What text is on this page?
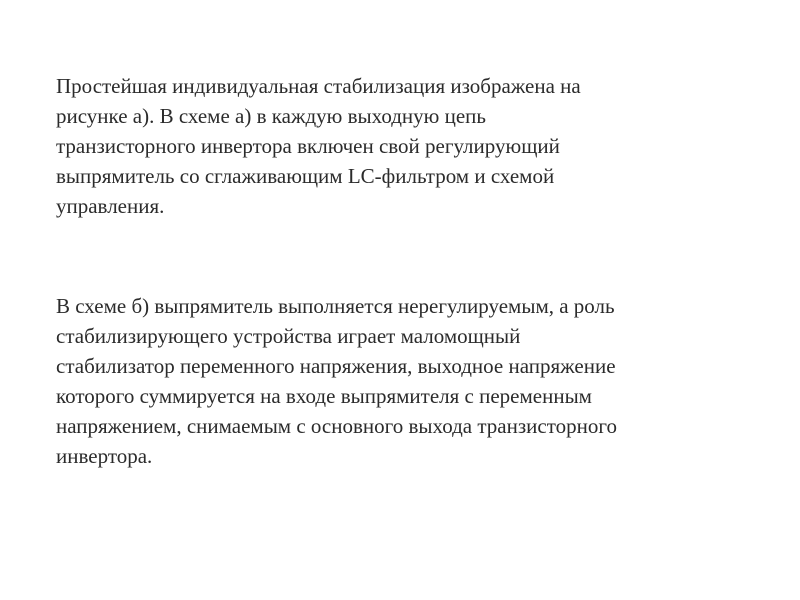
Простейшая индивидуальная стабилизация изображена на
рисунке а). В схеме а) в каждую выходную цепь
транзисторного инвертора включен свой регулирующий
выпрямитель со сглаживающим LC-фильтром и схемой
управления.

В схеме б) выпрямитель выполняется нерегулируемым, а роль
стабилизирующего устройства играет маломощный
стабилизатор переменного напряжения, выходное напряжение
которого суммируется на входе выпрямителя с переменным
напряжением, снимаемым с основного выхода транзисторного
инвертора.
